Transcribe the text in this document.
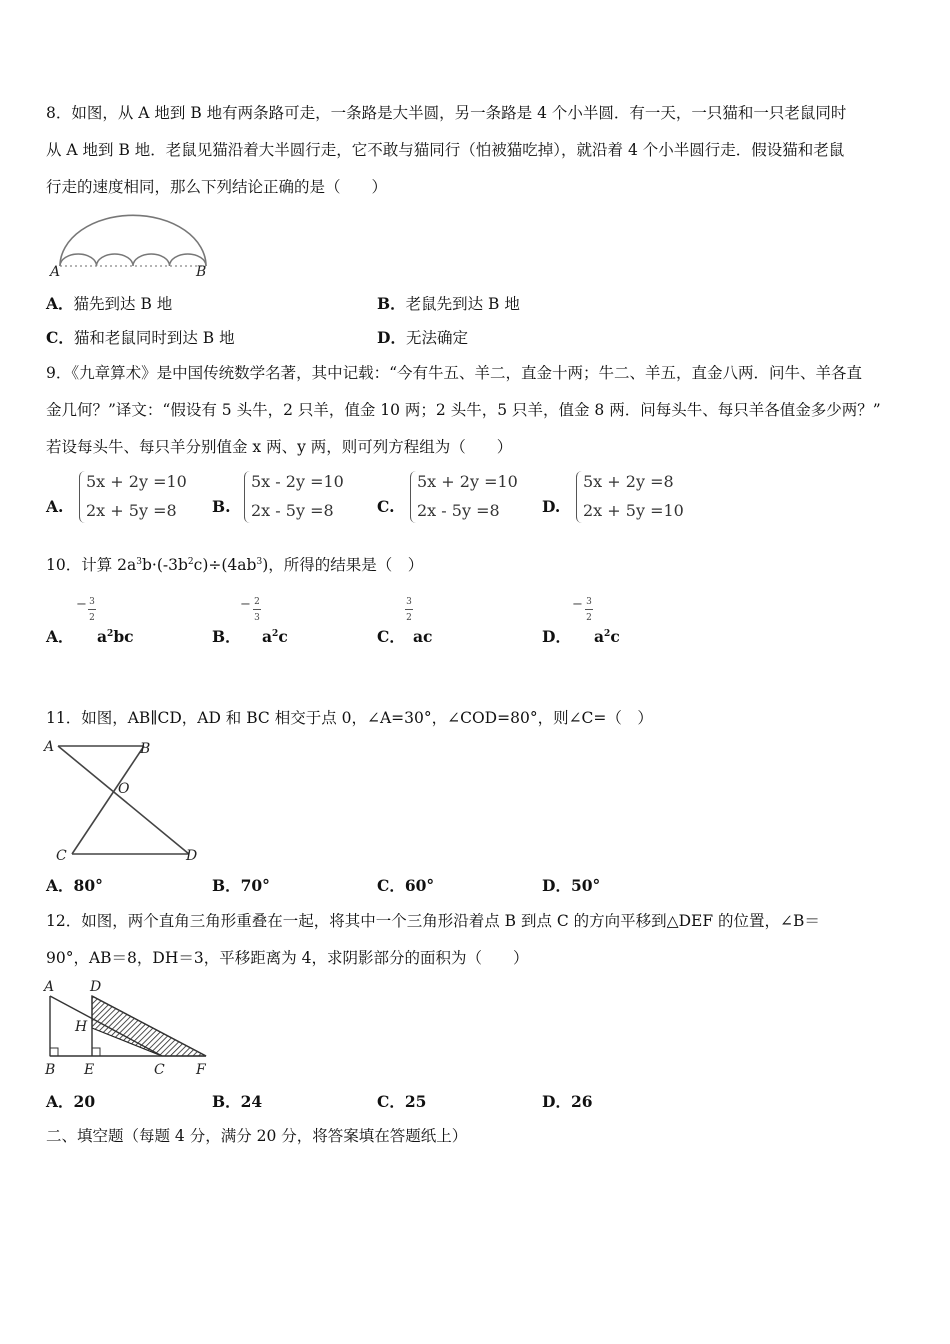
8．如图，从 A 地到 B 地有两条路可走，一条路是大半圆，另一条路是 4 个小半圆．有一天，一只猫和一只老鼠同时
从 A 地到 B 地．老鼠见猫沿着大半圆行走，它不敢与猫同行（怕被猫吃掉），就沿着 4 个小半圆行走．假设猫和老鼠
行走的速度相同，那么下列结论正确的是（　　）
A	B
A．猫先到达 B 地	B．老鼠先到达 B 地
C．猫和老鼠同时到达 B 地	D．无法确定
9．《九章算术》是中国传统数学名著，其中记载：“今有牛五、羊二，直金十两；牛二、羊五，直金八两．问牛、羊各直
金几何？”译文：“假设有 5 头牛，2 只羊，值金 10 两；2 头牛，5 只羊，值金 8 两．问每头牛、每只羊各值金多少两？”
若设每头牛、每只羊分别值金 x 两、y 两，则可列方程组为（　　）
A.
5x + 2y =10
2x + 5y =8 B.
5x - 2y =10
2x - 5y =8	C.
5x + 2y =10
2x - 5y =8	D.
5x + 2y =8
2x + 5y =10
10．计算 $2a^3b\cdot(-3b^2c)\div(4ab^3)$，所得的结果是（　）
A．
− 3
2
$a^2bc$	B．
− 2
3
$a^2c$	C．
3
2
ac	D．
− 3
2
$a^2c$
11．如图，AB∥CD，AD 和 BC 相交于点 0，∠A=30°，∠COD=80°，则∠C=（　）
A	B
O
C	D
A．80°	B．70°	C．60°	D．50°
12．如图，两个直角三角形重叠在一起，将其中一个三角形沿着点 B 到点 C 的方向平移到△DEF 的位置，∠B＝
90°，AB＝8，DH＝3，平移距离为 4，求阴影部分的面积为（　　）
A	D
H
B E	C F
A．20	B．24	C．25	D．26
二、填空题（每题 4 分，满分 20 分，将答案填在答题纸上）
